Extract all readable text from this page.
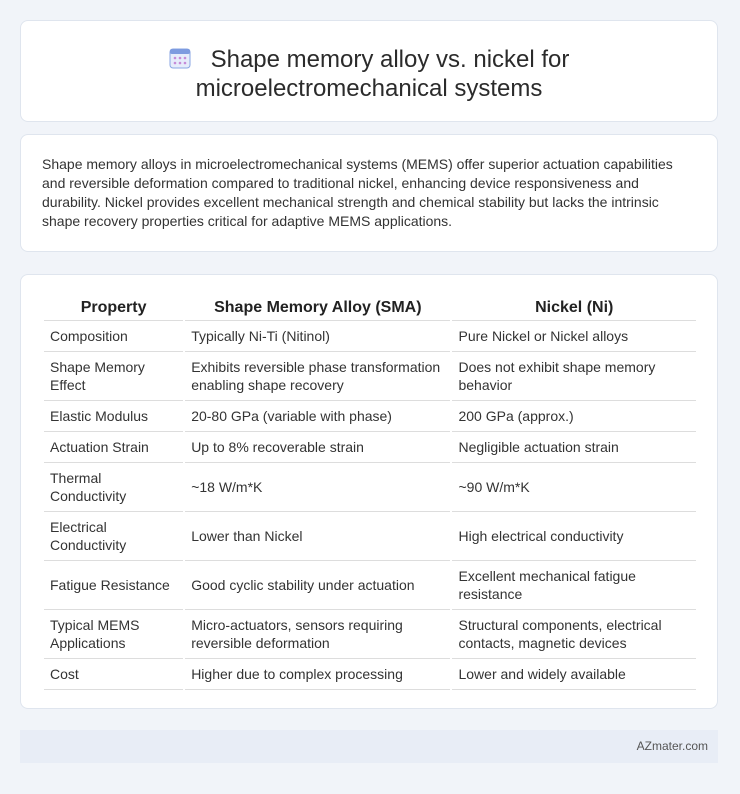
Shape memory alloy vs. nickel for
microelectromechanical systems
Shape memory alloys in microelectromechanical systems (MEMS) offer superior actuation capabilities and reversible deformation compared to traditional nickel, enhancing device responsiveness and durability. Nickel provides excellent mechanical strength and chemical stability but lacks the intrinsic shape recovery properties critical for adaptive MEMS applications.
Property	Shape Memory Alloy (SMA)	Nickel (Ni)
Composition	Typically Ni-Ti (Nitinol)	Pure Nickel or Nickel alloys
Shape Memory Effect	Exhibits reversible phase transformation enabling shape recovery	Does not exhibit shape memory behavior
Elastic Modulus	20-80 GPa (variable with phase)	200 GPa (approx.)
Actuation Strain	Up to 8% recoverable strain	Negligible actuation strain
Thermal Conductivity	~18 W/m*K	~90 W/m*K
Electrical Conductivity	Lower than Nickel	High electrical conductivity
Fatigue Resistance	Good cyclic stability under actuation	Excellent mechanical fatigue resistance
Typical MEMS Applications	Micro-actuators, sensors requiring reversible deformation	Structural components, electrical contacts, magnetic devices
Cost	Higher due to complex processing	Lower and widely available
AZmater.com
